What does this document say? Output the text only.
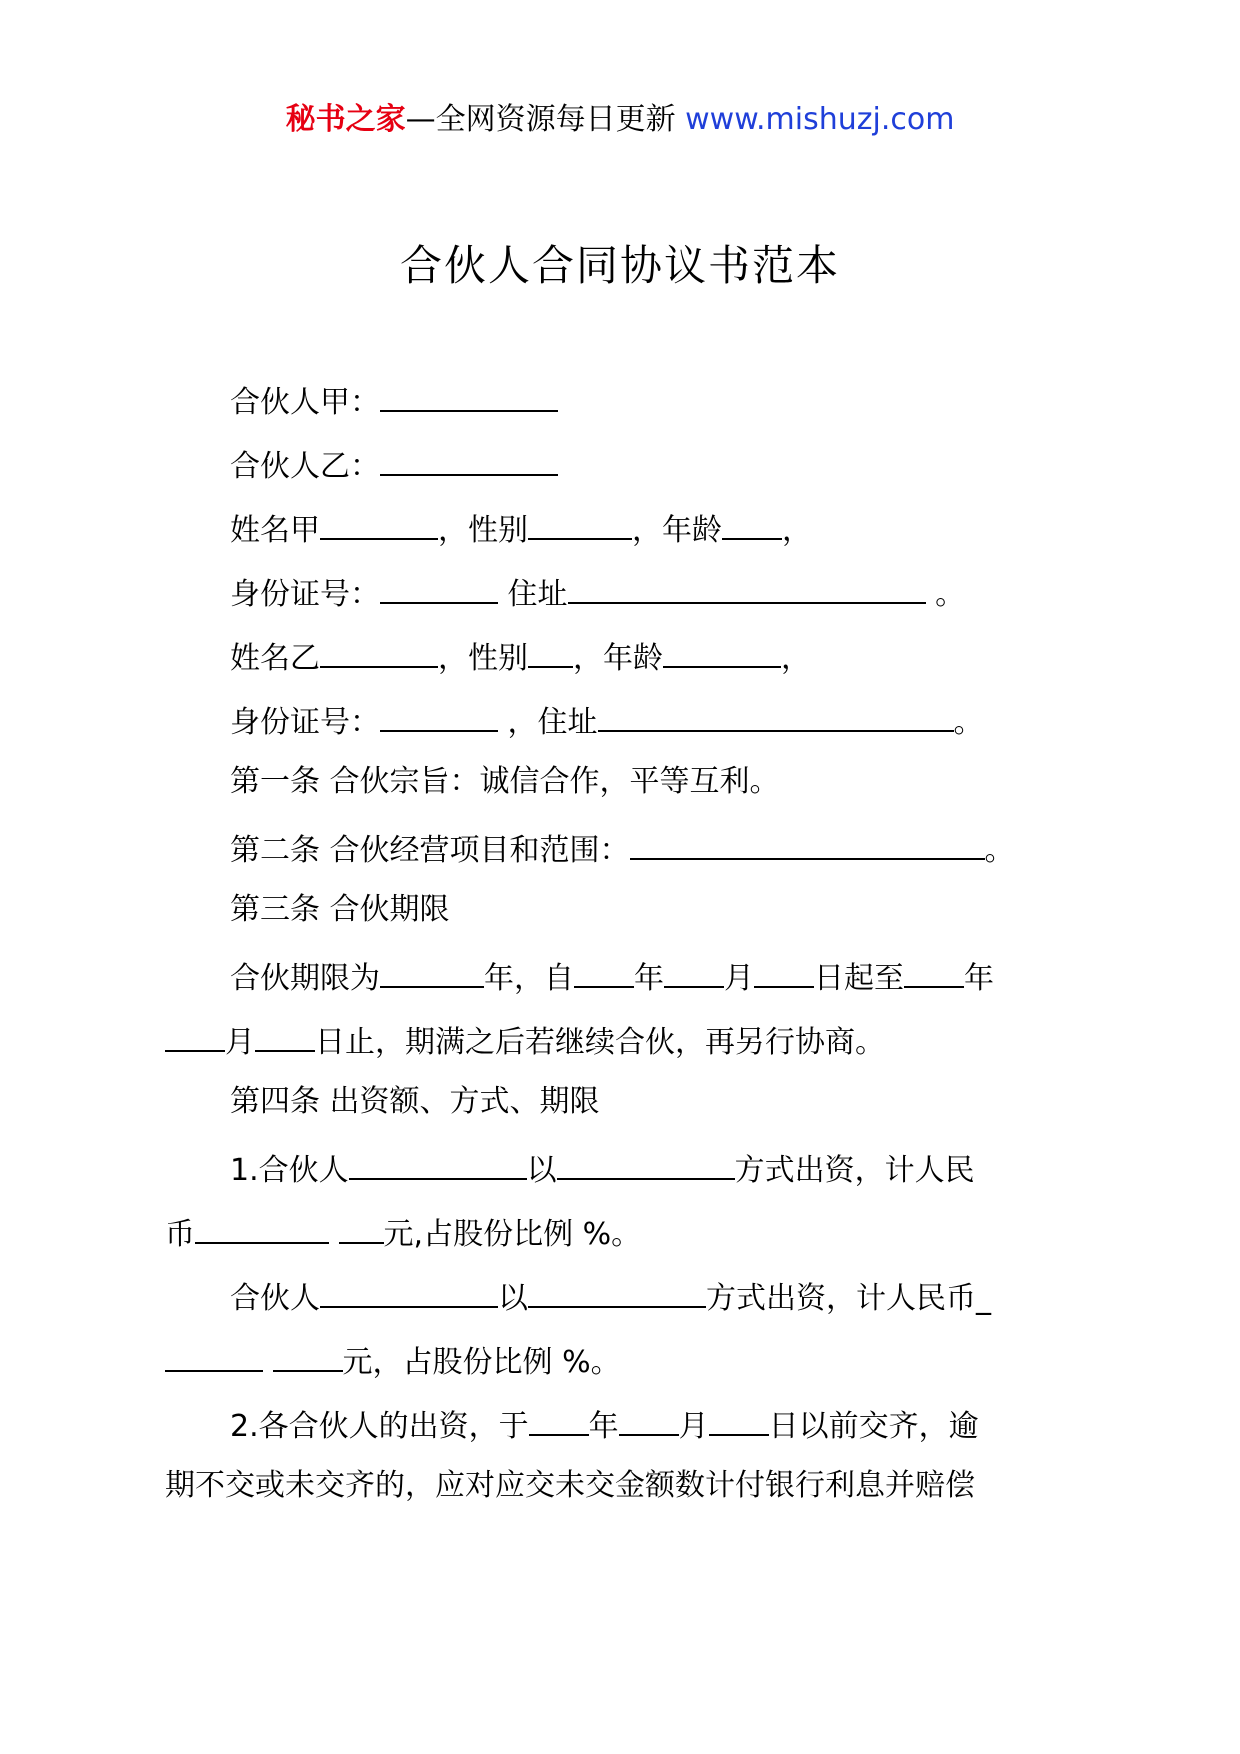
秘书之家—全网资源每日更新 www.mishuzj.com
合伙人合同协议书范本
合伙人甲：
合伙人乙：
姓名甲	，性别	，年龄 ，
身份证号：	住址	。
姓名乙	，性别 ，年龄	，
身份证号：	，住址	。
第一条 合伙宗旨：诚信合作，平等互利。
第二条 合伙经营项目和范围：	。
第三条 合伙期限
合伙期限为	年，自 年 月 日起至 年
月 日止，期满之后若继续合伙，再另行协商。
第四条 出资额、方式、期限
1.合伙人	以	方式出资，计人民
币	元,占股份比例 %。
合伙人	以	方式出资，计人民币_
元，占股份比例 %。
2.各合伙人的出资，于 年 月 日以前交齐，逾
期不交或未交齐的，应对应交未交金额数计付银行利息并赔偿
